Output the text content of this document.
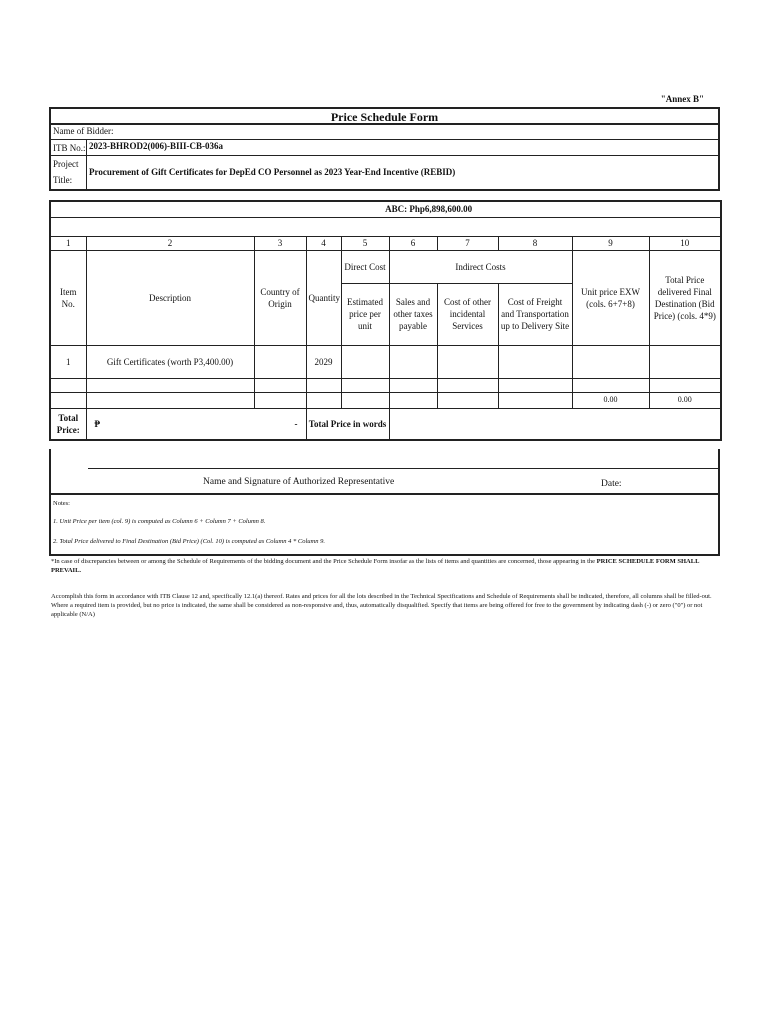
"Annex B"
Price Schedule Form
Name of Bidder:
ITB No.: 2023-BHROD2(006)-BIII-CB-036a
Project
Title:
Procurement of Gift Certificates for DepEd CO Personnel as 2023 Year-End Incentive (REBID)
ABC: Php6,898,600.00									

1	2	3	4	5	6	7	8	9	10
Item No.	Description	Country of Origin	Quantity	Direct Cost	Indirect Costs			Unit price EXW (cols. 6+7+8)	Total Price delivered Final Destination (Bid Price) (cols. 4*9)
				Estimated price per unit	Sales and other taxes payable	Cost of other incidental Services	Cost of Freight and Transportation up to Delivery Site		
1	Gift Certificates (worth P3,400.00)		2029						

								0.00	0.00
Total Price:	₱ -		Total Price in words						
Name and Signature of Authorized Representative	Date:
Notes:
1. Unit Price per item (col. 9) is computed as Column 6 + Column 7 + Column 8.
2. Total Price delivered to Final Destination (Bid Price) (Col. 10) is computed as Column 4 * Column 9.
*In case of discrepancies between or among the Schedule of Requirements of the bidding document and the Price Schedule Form insofar as the lists of items and quantities are concerned, those appearing in the PRICE SCHEDULE FORM SHALL PREVAIL.
Accomplish this form in accordance with ITB Clause 12 and, specifically 12.1(a) thereof. Rates and prices for all the lots described in the Technical Specifications and Schedule of Requirements shall be indicated, therefore, all columns shall be filled-out. Where a required item is provided, but no price is indicated, the same shall be considered as non-responsive and, thus, automatically disqualified. Specify that items are being offered for free to the government by indicating dash (-) or zero ("0") or not applicable (N/A)
